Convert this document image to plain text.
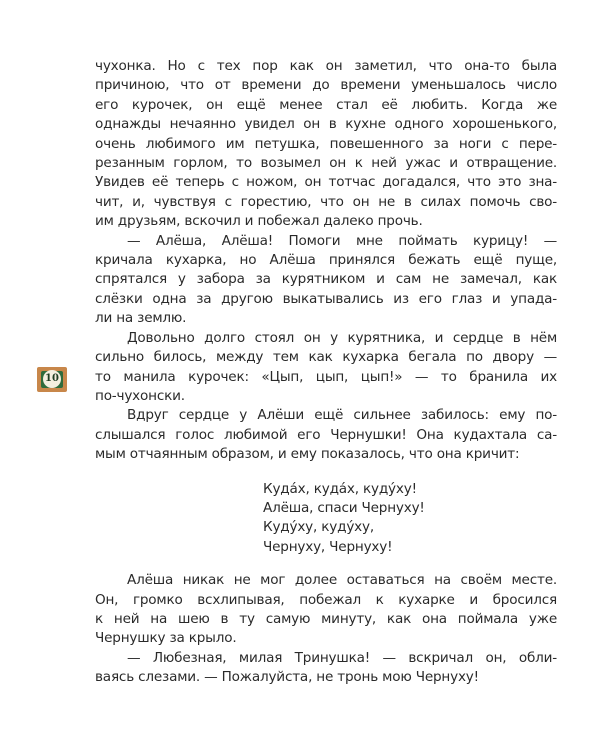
10
чухонка. Но с тех пор как он заметил, что она-то была
причиною, что от времени до времени уменьшалось число
его курочек, он ещё менее стал её любить. Когда же
однажды нечаянно увидел он в кухне одного хорошенького,
очень любимого им петушка, повешенного за ноги с пере-
резанным горлом, то возымел он к ней ужас и отвращение.
Увидев её теперь с ножом, он тотчас догадался, что это зна-
чит, и, чувствуя с горестию, что он не в силах помочь сво-
им друзьям, вскочил и побежал далеко прочь.
— Алёша, Алёша! Помоги мне поймать курицу! —
кричала кухарка, но Алёша принялся бежать ещё пуще,
спрятался у забора за курятником и сам не замечал, как
слёзки одна за другою выкатывались из его глаз и упада-
ли на землю.
Довольно долго стоял он у курятника, и сердце в нём
сильно билось, между тем как кухарка бегала по двору —
то манила курочек: «Цып, цып, цып!» — то бранила их
по-чухонски.
Вдруг сердце у Алёши ещё сильнее забилось: ему по-
слышался голос любимой его Чернушки! Она кудахтала са-
мым отчаянным образом, и ему показалось, что она кричит:
Куда́х, куда́х, куду́ху!
Алёша, спаси Чернуху!
Куду́ху, куду́ху,
Чернуху, Чернуху!
Алёша никак не мог долее оставаться на своём месте.
Он, громко всхлипывая, побежал к кухарке и бросился
к ней на шею в ту самую минуту, как она поймала уже
Чернушку за крыло.
— Любезная, милая Тринушка! — вскричал он, обли-
ваясь слезами. — Пожалуйста, не тронь мою Чернуху!
